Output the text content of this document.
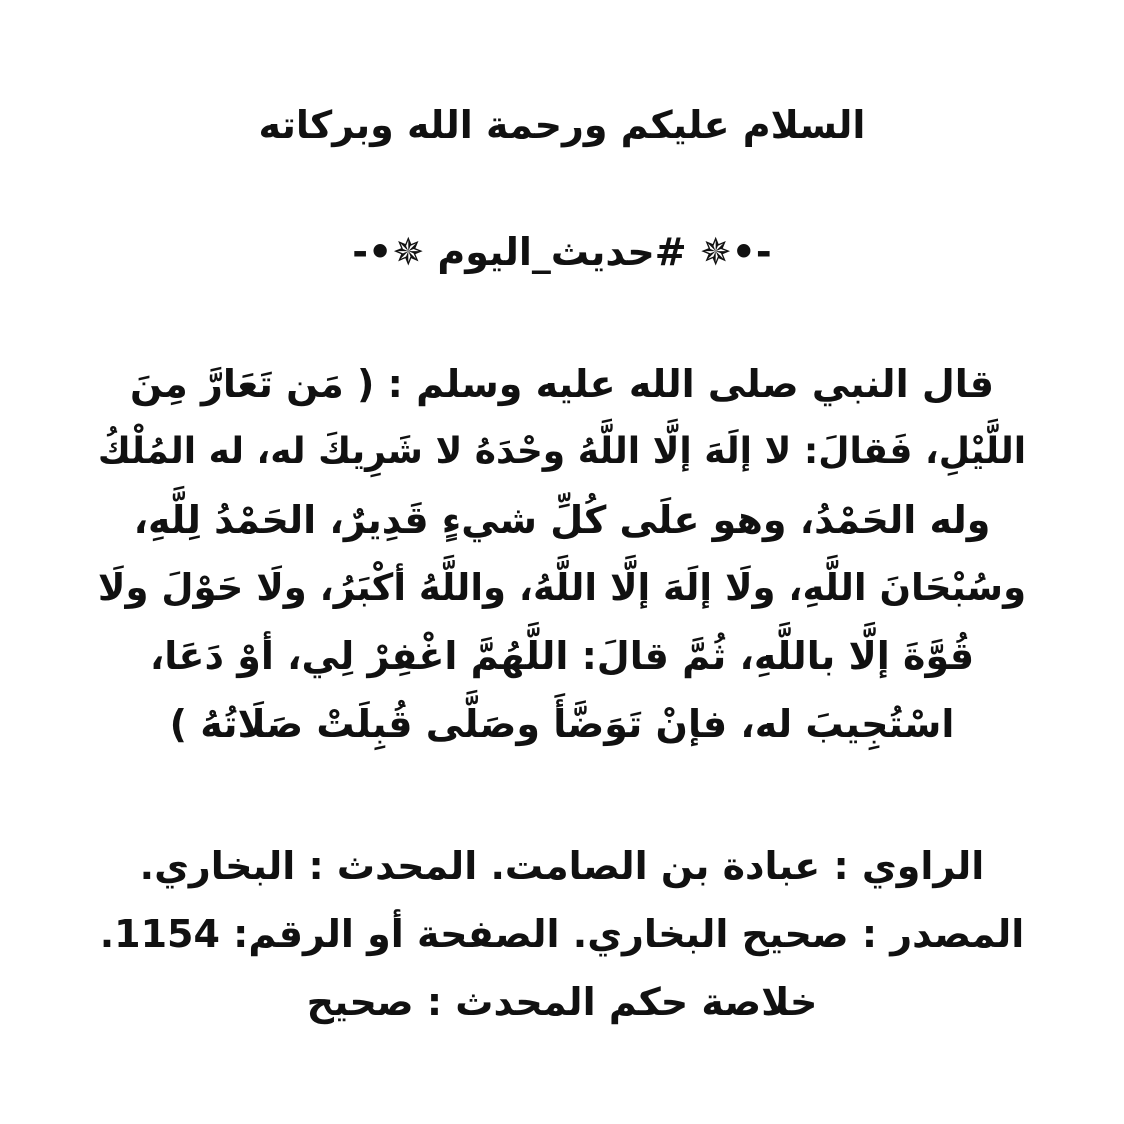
السلام عليكم ورحمة الله وبركاته
-•✵ #حديث_اليوم ✵•-
قال النبي صلى الله عليه وسلم : ( مَن تَعَارَّ مِنَ
اللَّيْلِ، فَقالَ: لا إلَهَ إلَّا اللَّهُ وحْدَهُ لا شَرِيكَ له، له المُلْكُ
وله الحَمْدُ، وهو علَى كُلِّ شيءٍ قَدِيرٌ، الحَمْدُ لِلَّهِ،
وسُبْحَانَ اللَّهِ، ولَا إلَهَ إلَّا اللَّهُ، واللَّهُ أكْبَرُ، ولَا حَوْلَ ولَا
قُوَّةَ إلَّا باللَّهِ، ثُمَّ قالَ: اللَّهُمَّ اغْفِرْ لِي، أوْ دَعَا،
اسْتُجِيبَ له، فإنْ تَوَضَّأَ وصَلَّى قُبِلَتْ صَلَاتُهُ )
الراوي : عبادة بن الصامت. المحدث : البخاري.
المصدر : صحيح البخاري. الصفحة أو الرقم: 1154.
خلاصة حكم المحدث : صحيح
